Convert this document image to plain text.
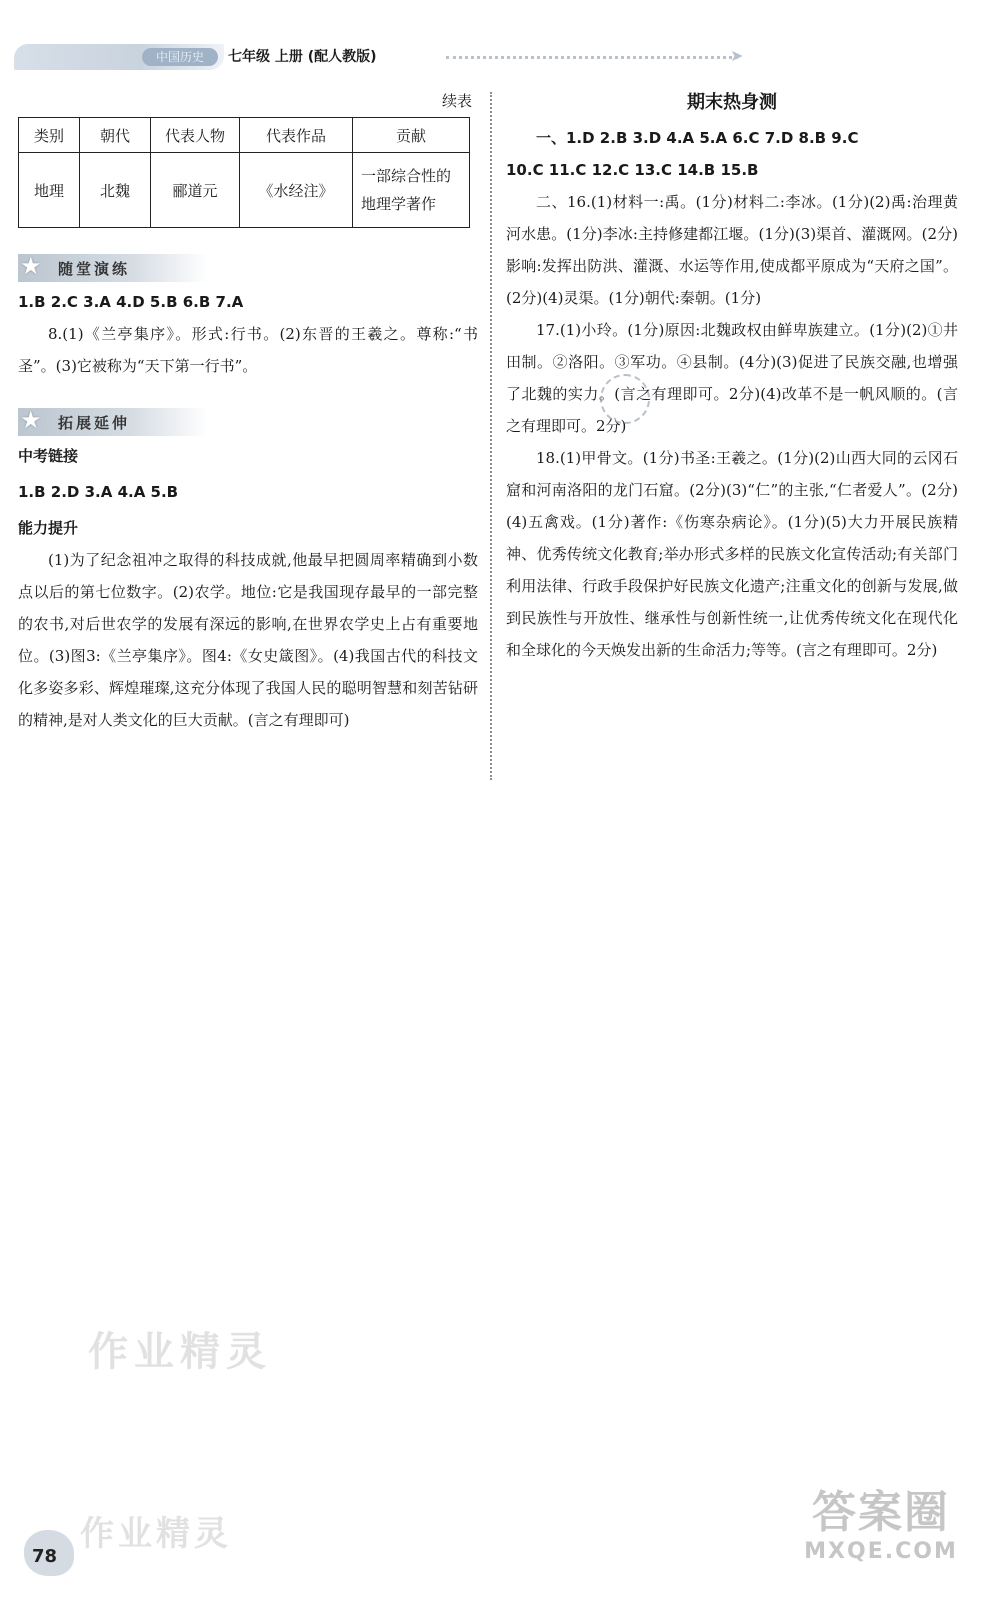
中国历史	七年级 上册 (配人教版)	➤
续表
类别	朝代	代表人物	代表作品	贡献
地理	北魏	郦道元	《水经注》	一部综合性的地理学著作
★ 随堂演练

1.B 2.C 3.A 4.D 5.B 6.B 7.A

8.(1)《兰亭集序》。形式:行书。(2)东晋的王羲之。尊称:“书圣”。(3)它被称为“天下第一行书”。

★ 拓展延伸

中考链接

1.B 2.D 3.A 4.A 5.B

能力提升

(1)为了纪念祖冲之取得的科技成就,他最早把圆周率精确到小数点以后的第七位数字。(2)农学。地位:它是我国现存最早的一部完整的农书,对后世农学的发展有深远的影响,在世界农学史上占有重要地位。(3)图3:《兰亭集序》。图4:《女史箴图》。(4)我国古代的科技文化多姿多彩、辉煌璀璨,这充分体现了我国人民的聪明智慧和刻苦钻研的精神,是对人类文化的巨大贡献。(言之有理即可)

期末热身测

一、1.D 2.B 3.D 4.A 5.A 6.C 7.D 8.B 9.C

10.C 11.C 12.C 13.C 14.B 15.B

二、16.(1)材料一:禹。(1分)材料二:李冰。(1分)(2)禹:治理黄河水患。(1分)李冰:主持修建都江堰。(1分)(3)渠首、灌溉网。(2分)影响:发挥出防洪、灌溉、水运等作用,使成都平原成为“天府之国”。(2分)(4)灵渠。(1分)朝代:秦朝。(1分)

17.(1)小玲。(1分)原因:北魏政权由鲜卑族建立。(1分)(2)①井田制。②洛阳。③军功。④县制。(4分)(3)促进了民族交融,也增强了北魏的实力。(言之有理即可。2分)(4)改革不是一帆风顺的。(言之有理即可。2分)

18.(1)甲骨文。(1分)书圣:王羲之。(1分)(2)山西大同的云冈石窟和河南洛阳的龙门石窟。(2分)(3)“仁”的主张,“仁者爱人”。(2分)(4)五禽戏。(1分)著作:《伤寒杂病论》。(1分)(5)大力开展民族精神、优秀传统文化教育;举办形式多样的民族文化宣传活动;有关部门利用法律、行政手段保护好民族文化遗产;注重文化的创新与发展,做到民族性与开放性、继承性与创新性统一,让优秀传统文化在现代化和全球化的今天焕发出新的生命活力;等等。(言之有理即可。2分)

作业精灵
作业精灵
78
答案圈
MXQE.COM
